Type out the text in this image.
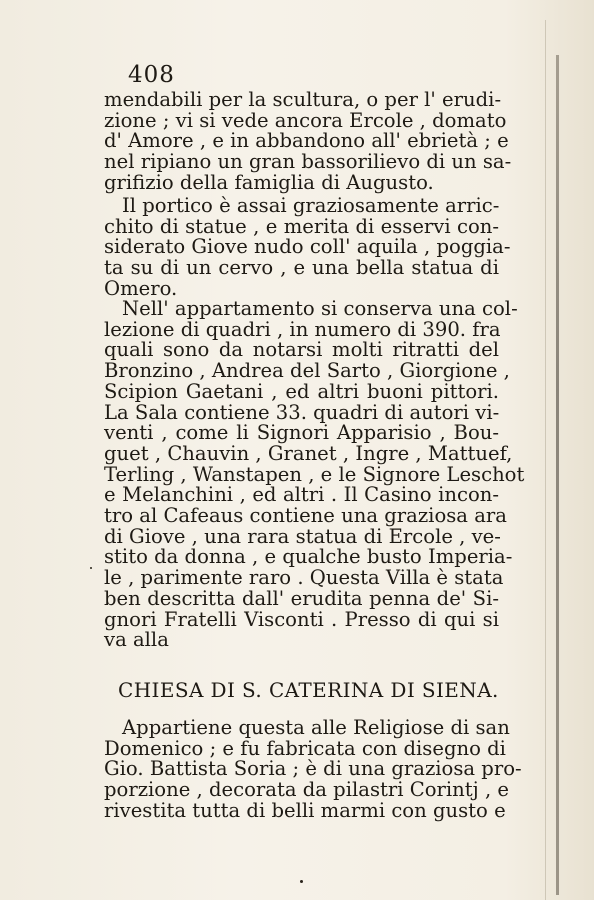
408

mendabili per la scultura, o per l' erudi-
zione ; vi si vede ancora Ercole , domato
d' Amore , e in abbandono all' ebrietà ; e
nel ripiano un gran bassorilievo di un sa-
grifizio della famiglia di Augusto.

Il portico è assai graziosamente arric-
chito di statue , e merita di esservi con-
siderato Giove nudo coll' aquila , poggia-
ta su di un cervo , e una bella statua di
Omero.

Nell' appartamento si conserva una col-
lezione di quadri , in numero di 390. fra
quali sono da notarsi molti ritratti del
Bronzino , Andrea del Sarto , Giorgione ,
Scipion Gaetani , ed altri buoni pittori.
La Sala contiene 33. quadri di autori vi-
venti , come li Signori Apparisio , Bou-
guet , Chauvin , Granet , Ingre , Mattuef,
Terling , Wanstapen , e le Signore Leschot
e Melanchini , ed altri . Il Casino incon-
tro al Cafeaus contiene una graziosa ara
di Giove , una rara statua di Ercole , ve-
stito da donna , e qualche busto Imperia-
le , parimente raro . Questa Villa è stata
ben descritta dall' erudita penna de' Si-
gnori Fratelli Visconti . Presso di qui si
va alla

CHIESA DI S. CATERINA DI SIENA.

Appartiene questa alle Religiose di san
Domenico ; e fu fabricata con disegno di
Gio. Battista Soria ; è di una graziosa pro-
porzione , decorata da pilastri Corintj , e
rivestita tutta di belli marmi con gusto e
